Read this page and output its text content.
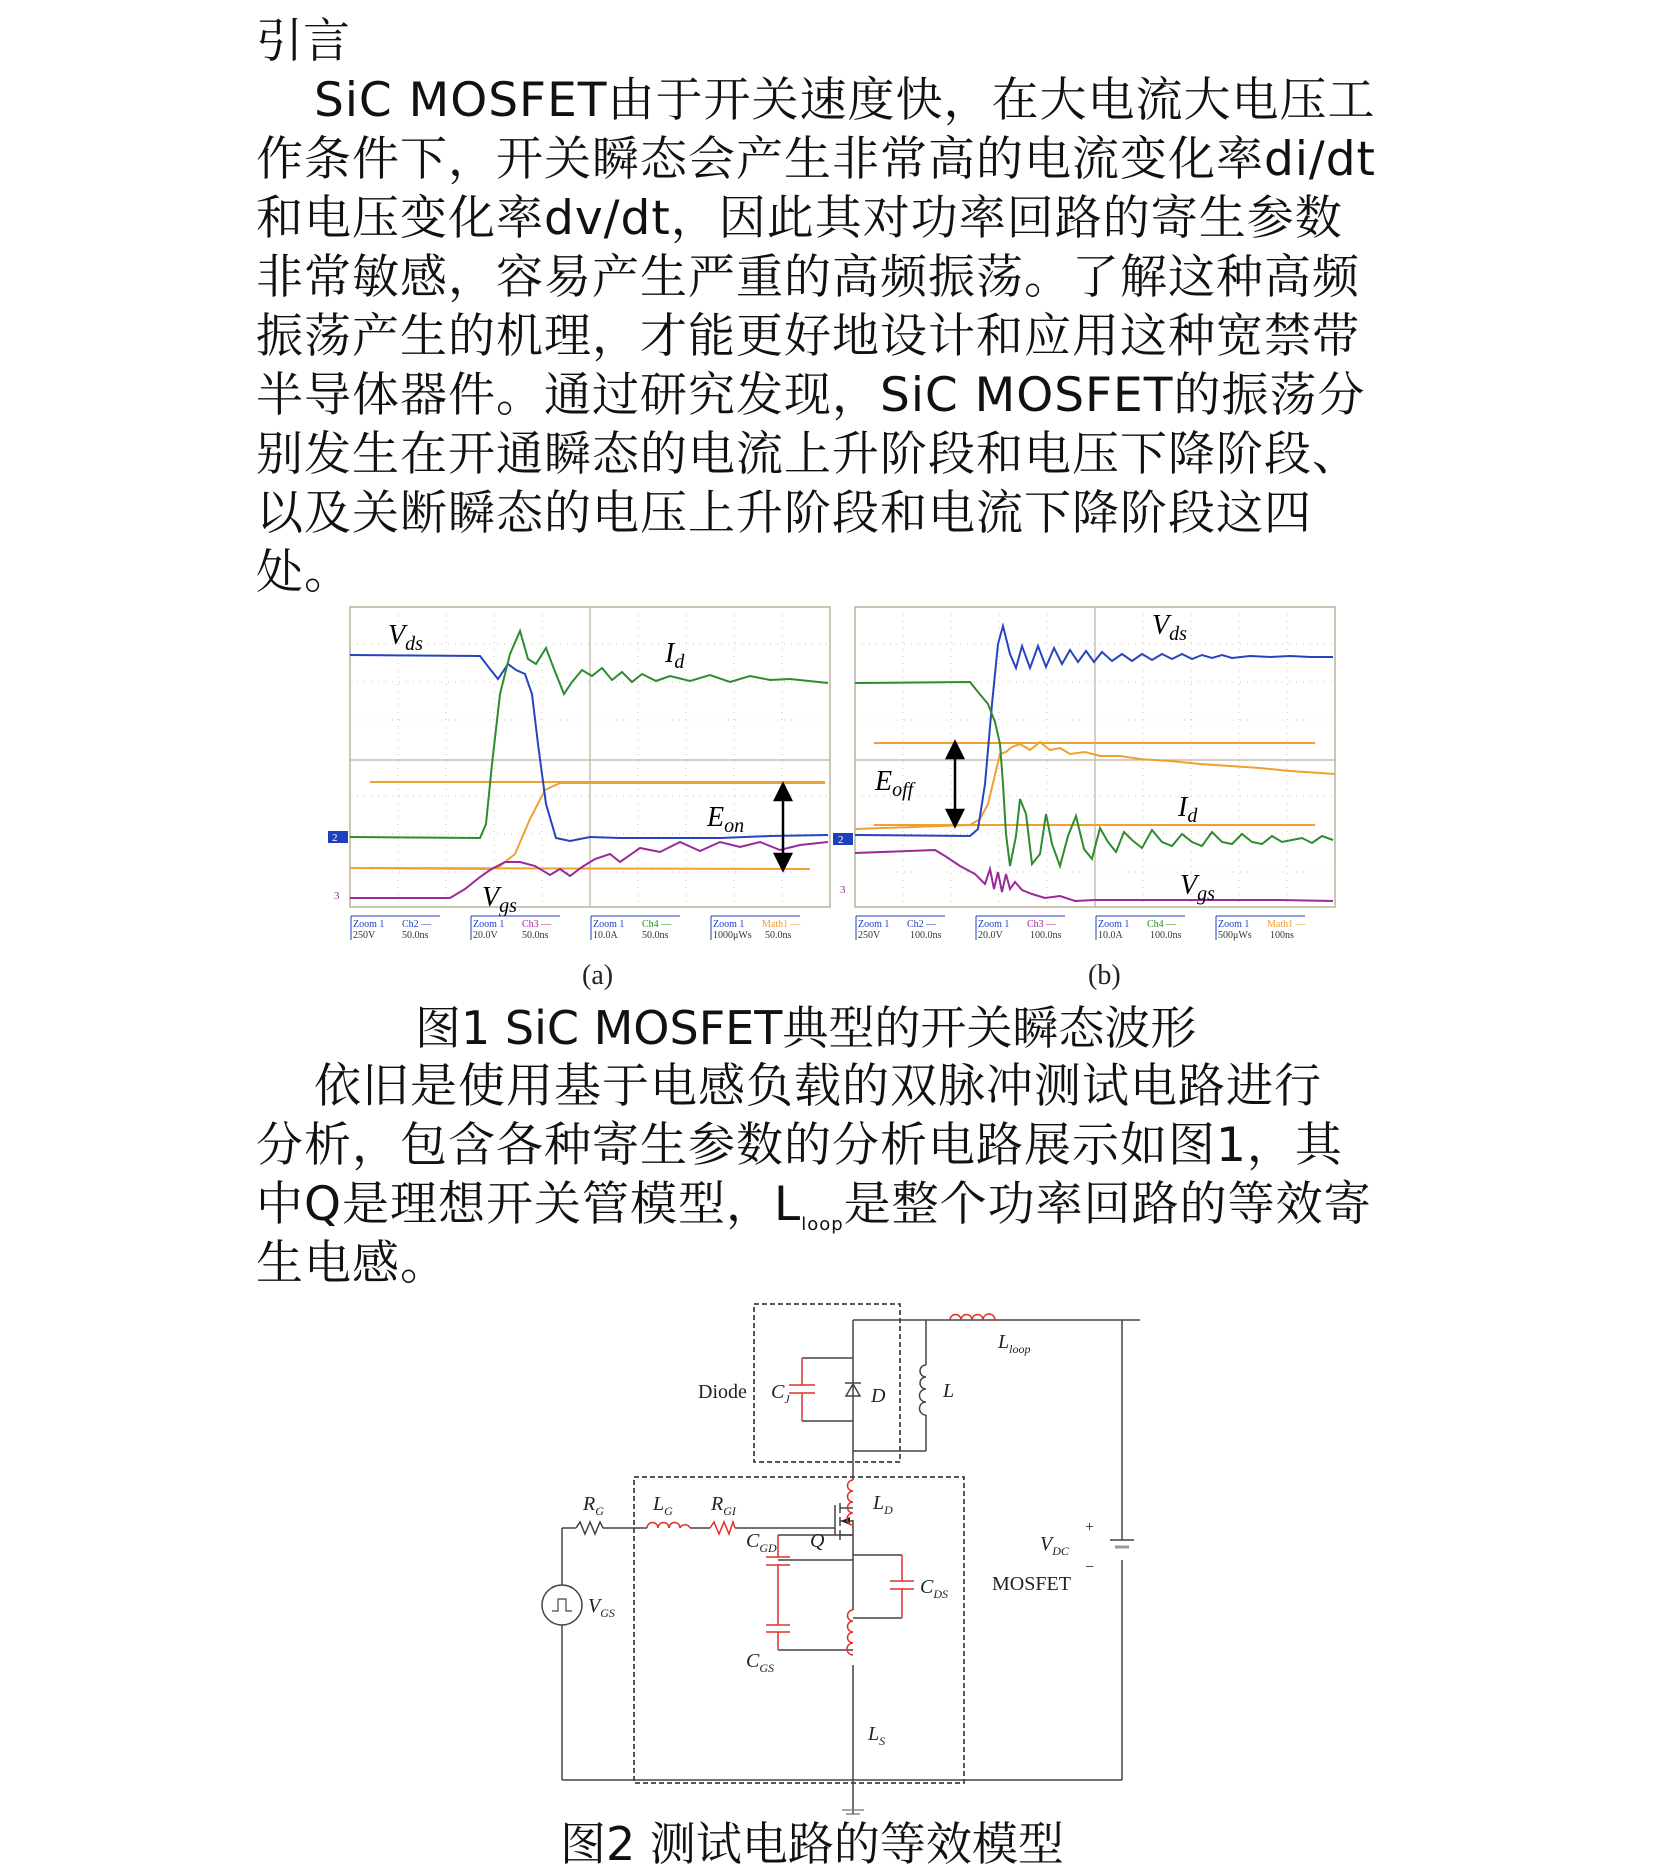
引言
SiC MOSFET由于开关速度快，在大电流大电压工
作条件下，开关瞬态会产生非常高的电流变化率di/dt
和电压变化率dv/dt，因此其对功率回路的寄生参数
非常敏感，容易产生严重的高频振荡。了解这种高频
振荡产生的机理，才能更好地设计和应用这种宽禁带
半导体器件。通过研究发现，SiC MOSFET的振荡分
别发生在开通瞬态的电流上升阶段和电压下降阶段、
以及关断瞬态的电压上升阶段和电流下降阶段这四
处。
2
3
$V_{ds}$	$I_d$
$E_{on}$
$V_{gs}$
Zoom 1 Ch2 —
250V	50.0ns
Zoom 1 Ch3 —
20.0V 50.0ns
Zoom 1 Ch4 —
10.0A 50.0ns
Zoom 1 Math1 —
1000μWs 50.0ns
2
3
$V_{ds}$
$I_d$
$E_{off}$
$V_{gs}$
Zoom 1 Ch2 —
250V	100.0ns
Zoom 1 Ch3 —
20.0V	100.0ns
Zoom 1 Ch4 —
10.0A	100.0ns
Zoom 1 Math1 —
500μWs 100ns
(a)	(b)
图1 SiC MOSFET典型的开关瞬态波形
依旧是使用基于电感负载的双脉冲测试电路进行
分析，包含各种寄生参数的分析电路展示如图1，其
中Q是理想开关管模型，$L_{loop}$是整个功率回路的等效寄
生电感。
Diode $C_J$	D	L
$L_{loop}$
$L_D$
$C_{GD}$ Q
$C_{DS}$ MOSFET
$C_{GS}$
$R_G$ $L_G$ $R_{GI}$
$V_{GS}$
$L_S$
$V_{DC}$
+
−
图2 测试电路的等效模型
